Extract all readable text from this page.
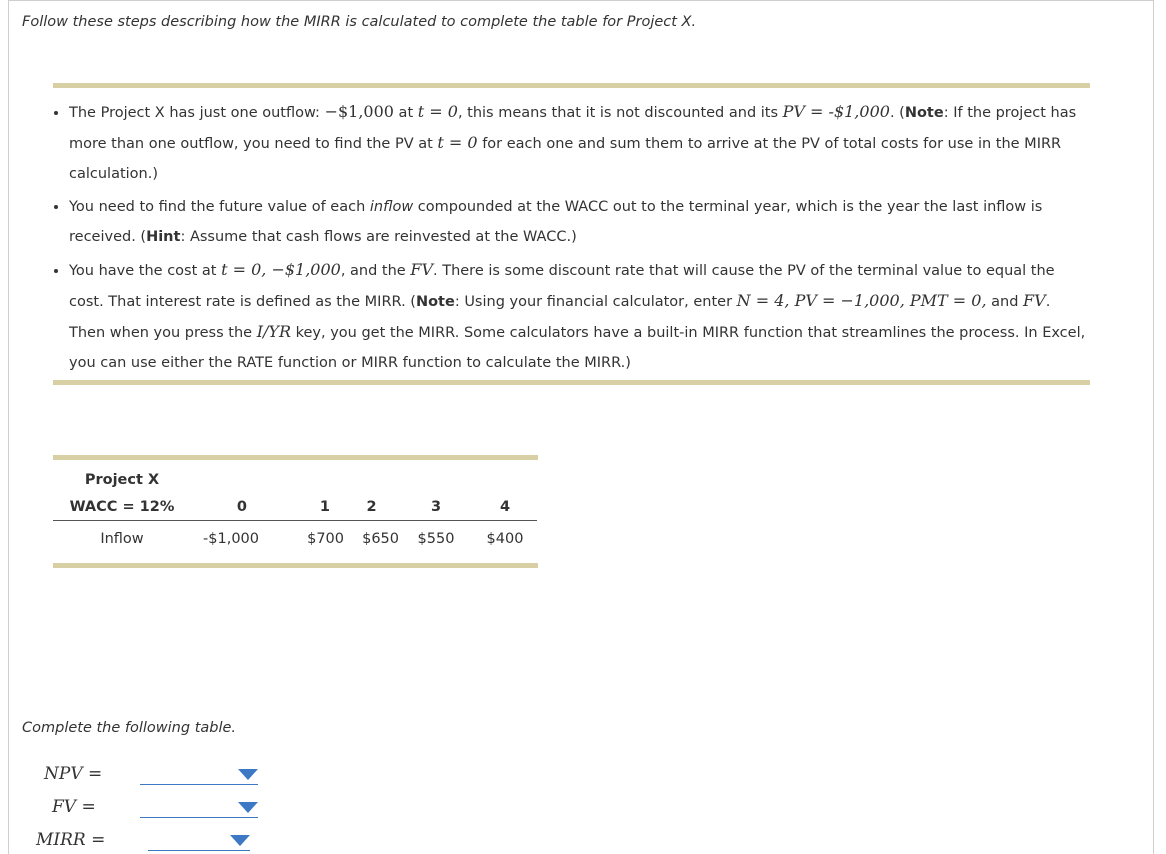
Follow these steps describing how the MIRR is calculated to complete the table for Project X.
• The Project X has just one outflow: −$1,000 at t = 0, this means that it is not discounted and its PV = -$1,000. (Note: If the project has more than one outflow, you need to find the PV at t = 0 for each one and sum them to arrive at the PV of total costs for use in the MIRR calculation.)
• You need to find the future value of each inflow compounded at the WACC out to the terminal year, which is the year the last inflow is received. (Hint: Assume that cash flows are reinvested at the WACC.)
• You have the cost at t = 0, −$1,000, and the FV. There is some discount rate that will cause the PV of the terminal value to equal the cost. That interest rate is defined as the MIRR. (Note: Using your financial calculator, enter N = 4, PV = −1,000, PMT = 0, and FV. Then when you press the I/YR key, you get the MIRR. Some calculators have a built-in MIRR function that streamlines the process. In Excel, you can use either the RATE function or MIRR function to calculate the MIRR.)
Project X					
WACC = 12%	0	1	2	3	4
Inflow	-$1,000	$700	$650	$550	$400
Complete the following table.
NPV =
FV =
MIRR =
